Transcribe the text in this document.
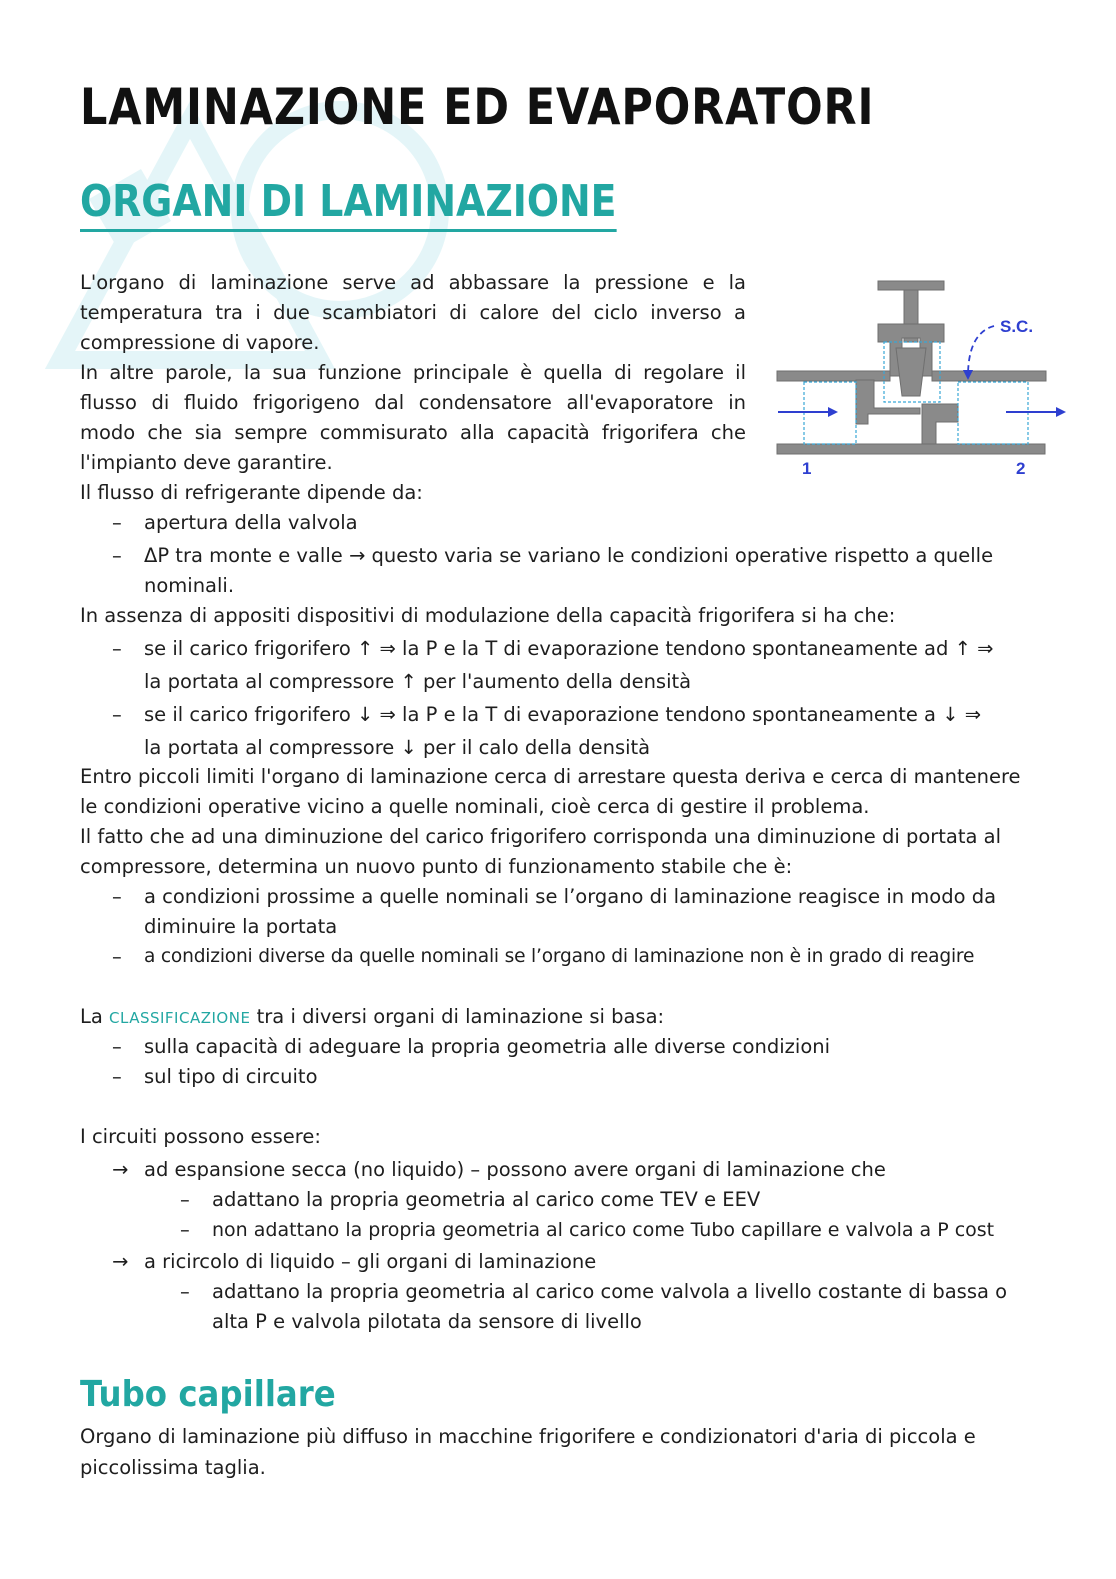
LAMINAZIONE ED EVAPORATORI
ORGANI DI LAMINAZIONE

L'organo di laminazione serve ad abbassare la pressione e la

temperatura tra i due scambiatori di calore del ciclo inverso a

compressione di vapore.

In altre parole, la sua funzione principale è quella di regolare il

flusso di fluido frigorigeno dal condensatore all'evaporatore in

modo che sia sempre commisurato alla capacità frigorifera che

l'impianto deve garantire.

S.C.
1	2

Il flusso di refrigerante dipende da:

– apertura della valvola
– ΔP tra monte e valle → questo varia se variano le condizioni operative rispetto a quelle
nominali.

In assenza di appositi dispositivi di modulazione della capacità frigorifera si ha che:

– se il carico frigorifero ↑ ⇒ la P e la T di evaporazione tendono spontaneamente ad ↑ ⇒
la portata al compressore ↑ per l'aumento della densità
– se il carico frigorifero ↓ ⇒ la P e la T di evaporazione tendono spontaneamente a ↓ ⇒
la portata al compressore ↓ per il calo della densità

Entro piccoli limiti l'organo di laminazione cerca di arrestare questa deriva e cerca di mantenere

le condizioni operative vicino a quelle nominali, cioè cerca di gestire il problema.

Il fatto che ad una diminuzione del carico frigorifero corrisponda una diminuzione di portata al

compressore, determina un nuovo punto di funzionamento stabile che è:

– a condizioni prossime a quelle nominali se l’organo di laminazione reagisce in modo da
diminuire la portata
– a condizioni diverse da quelle nominali se l’organo di laminazione non è in grado di reagire

La CLASSIFICAZIONE tra i diversi organi di laminazione si basa:

– sulla capacità di adeguare la propria geometria alle diverse condizioni
– sul tipo di circuito

I circuiti possono essere:

→ ad espansione secca (no liquido) – possono avere organi di laminazione che
– adattano la propria geometria al carico come TEV e EEV
– non adattano la propria geometria al carico come Tubo capillare e valvola a P cost
→ a ricircolo di liquido – gli organi di laminazione
– adattano la propria geometria al carico come valvola a livello costante di bassa o
alta P e valvola pilotata da sensore di livello
Tubo capillare

Organo di laminazione più diffuso in macchine frigorifere e condizionatori d'aria di piccola e

piccolissima taglia.
